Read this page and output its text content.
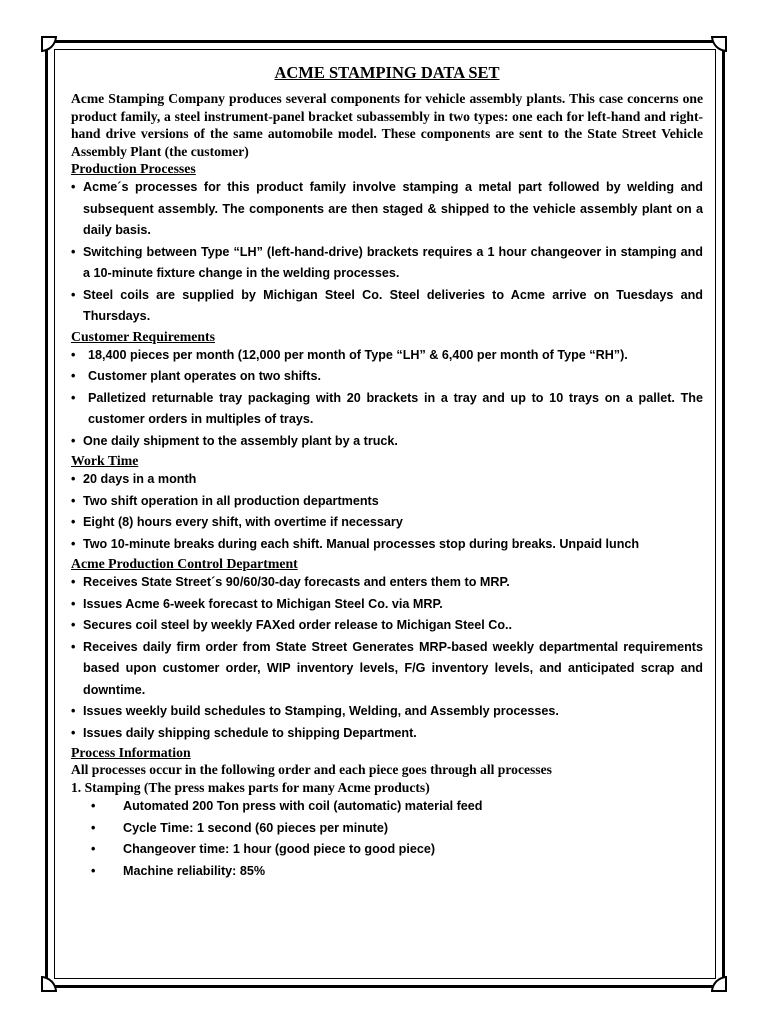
ACME STAMPING DATA SET

Acme Stamping Company produces several components for vehicle assembly plants. This case concerns one product family, a steel instrument-panel bracket subassembly in two types: one each for left-hand and right-hand drive versions of the same automobile model. These components are sent to the State Street Vehicle Assembly Plant (the customer)

Production Processes
• Acme´s processes for this product family involve stamping a metal part followed by welding and subsequent assembly. The components are then staged & shipped to the vehicle assembly plant on a daily basis.
• Switching between Type “LH” (left-hand-drive) brackets requires a 1 hour changeover in stamping and a 10-minute fixture change in the welding processes.
• Steel coils are supplied by Michigan Steel Co. Steel deliveries to Acme arrive on Tuesdays and Thursdays.
Customer Requirements
• 18,400 pieces per month (12,000 per month of Type “LH” & 6,400 per month of Type “RH”).
• Customer plant operates on two shifts.
• Palletized returnable tray packaging with 20 brackets in a tray and up to 10 trays on a pallet. The customer orders in multiples of trays.
• One daily shipment to the assembly plant by a truck.
Work Time
• 20 days in a month
• Two shift operation in all production departments
• Eight (8) hours every shift, with overtime if necessary
• Two 10-minute breaks during each shift. Manual processes stop during breaks. Unpaid lunch
Acme Production Control Department
• Receives State Street´s 90/60/30-day forecasts and enters them to MRP.
• Issues Acme 6-week forecast to Michigan Steel Co. via MRP.
• Secures coil steel by weekly FAXed order release to Michigan Steel Co..
• Receives daily firm order from State Street Generates MRP-based weekly departmental requirements based upon customer order, WIP inventory levels, F/G inventory levels, and anticipated scrap and downtime.
• Issues weekly build schedules to Stamping, Welding, and Assembly processes.
• Issues daily shipping schedule to shipping Department.
Process Information

All processes occur in the following order and each piece goes through all processes

1. Stamping (The press makes parts for many Acme products)

• Automated 200 Ton press with coil (automatic) material feed
• Cycle Time: 1 second (60 pieces per minute)
• Changeover time: 1 hour (good piece to good piece)
• Machine reliability: 85%
